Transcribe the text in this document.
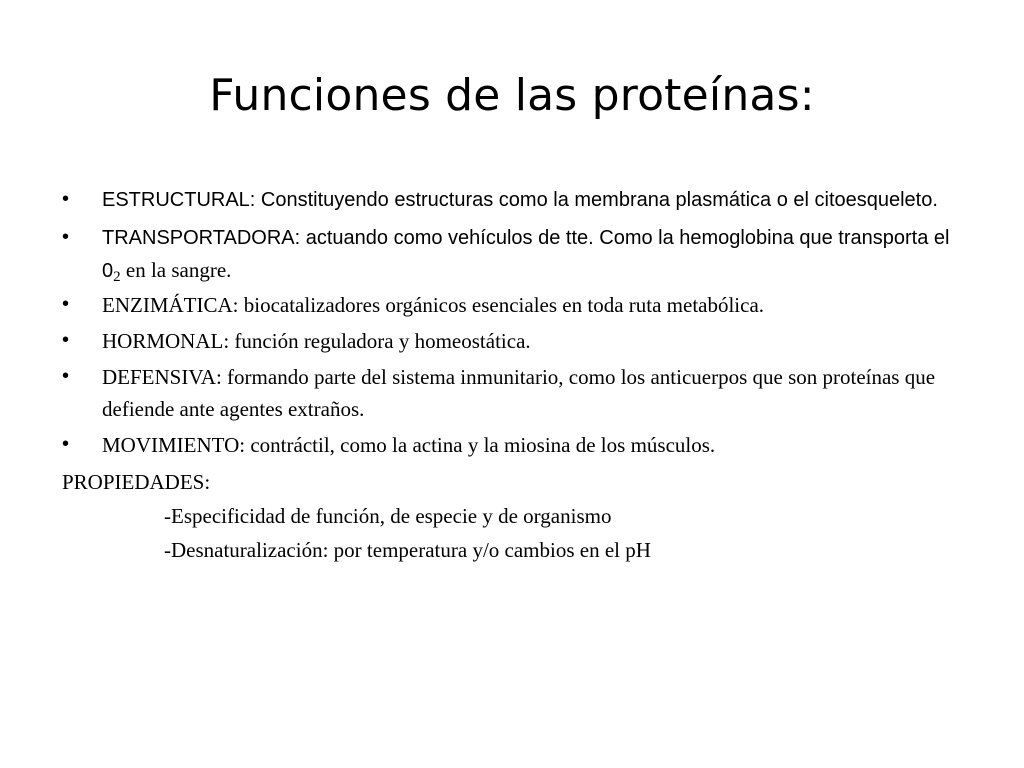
Funciones de las proteínas:
• ESTRUCTURAL: Constituyendo estructuras como la membrana plasmática o el citoesqueleto.
• TRANSPORTADORA: actuando como vehículos de tte. Como la hemoglobina que transporta el $0_2$ en la sangre.
• ENZIMÁTICA: biocatalizadores orgánicos esenciales en toda ruta metabólica.
• HORMONAL: función reguladora y homeostática.
• DEFENSIVA: formando parte del sistema inmunitario, como los anticuerpos que son proteínas que defiende ante agentes extraños.
• MOVIMIENTO: contráctil, como la actina y la miosina de los músculos.
PROPIEDADES:
-Especificidad de función, de especie y de organismo
-Desnaturalización: por temperatura y/o cambios en el pH
